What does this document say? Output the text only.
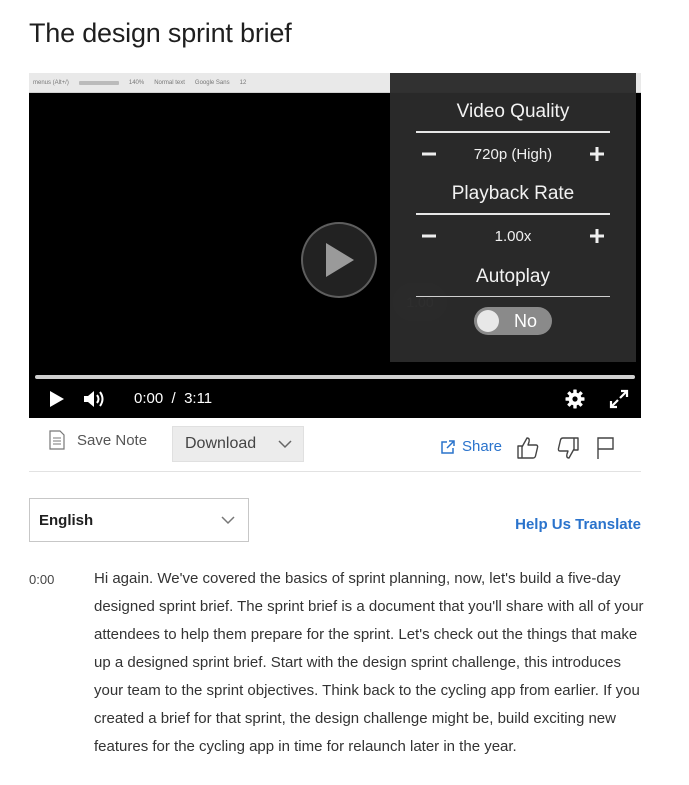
The design sprint brief
menus (Alt+/)	140% Normal text Google Sans 12
Video Quality
720p (High)
Playback Rate
1.00x
Autoplay
No
0:00 / 3:11
Save Note Download	Share
English	Help Us Translate
0:00	Hi again. We've covered the basics of sprint planning, now, let's build a five-day designed sprint brief. The sprint brief is a document that you'll share with all of your attendees to help them prepare for the sprint. Let's check out the things that make up a designed sprint brief. Start with the design sprint challenge, this introduces your team to the sprint objectives. Think back to the cycling app from earlier. If you created a brief for that sprint, the design challenge might be, build exciting new features for the cycling app in time for relaunch later in the year.
